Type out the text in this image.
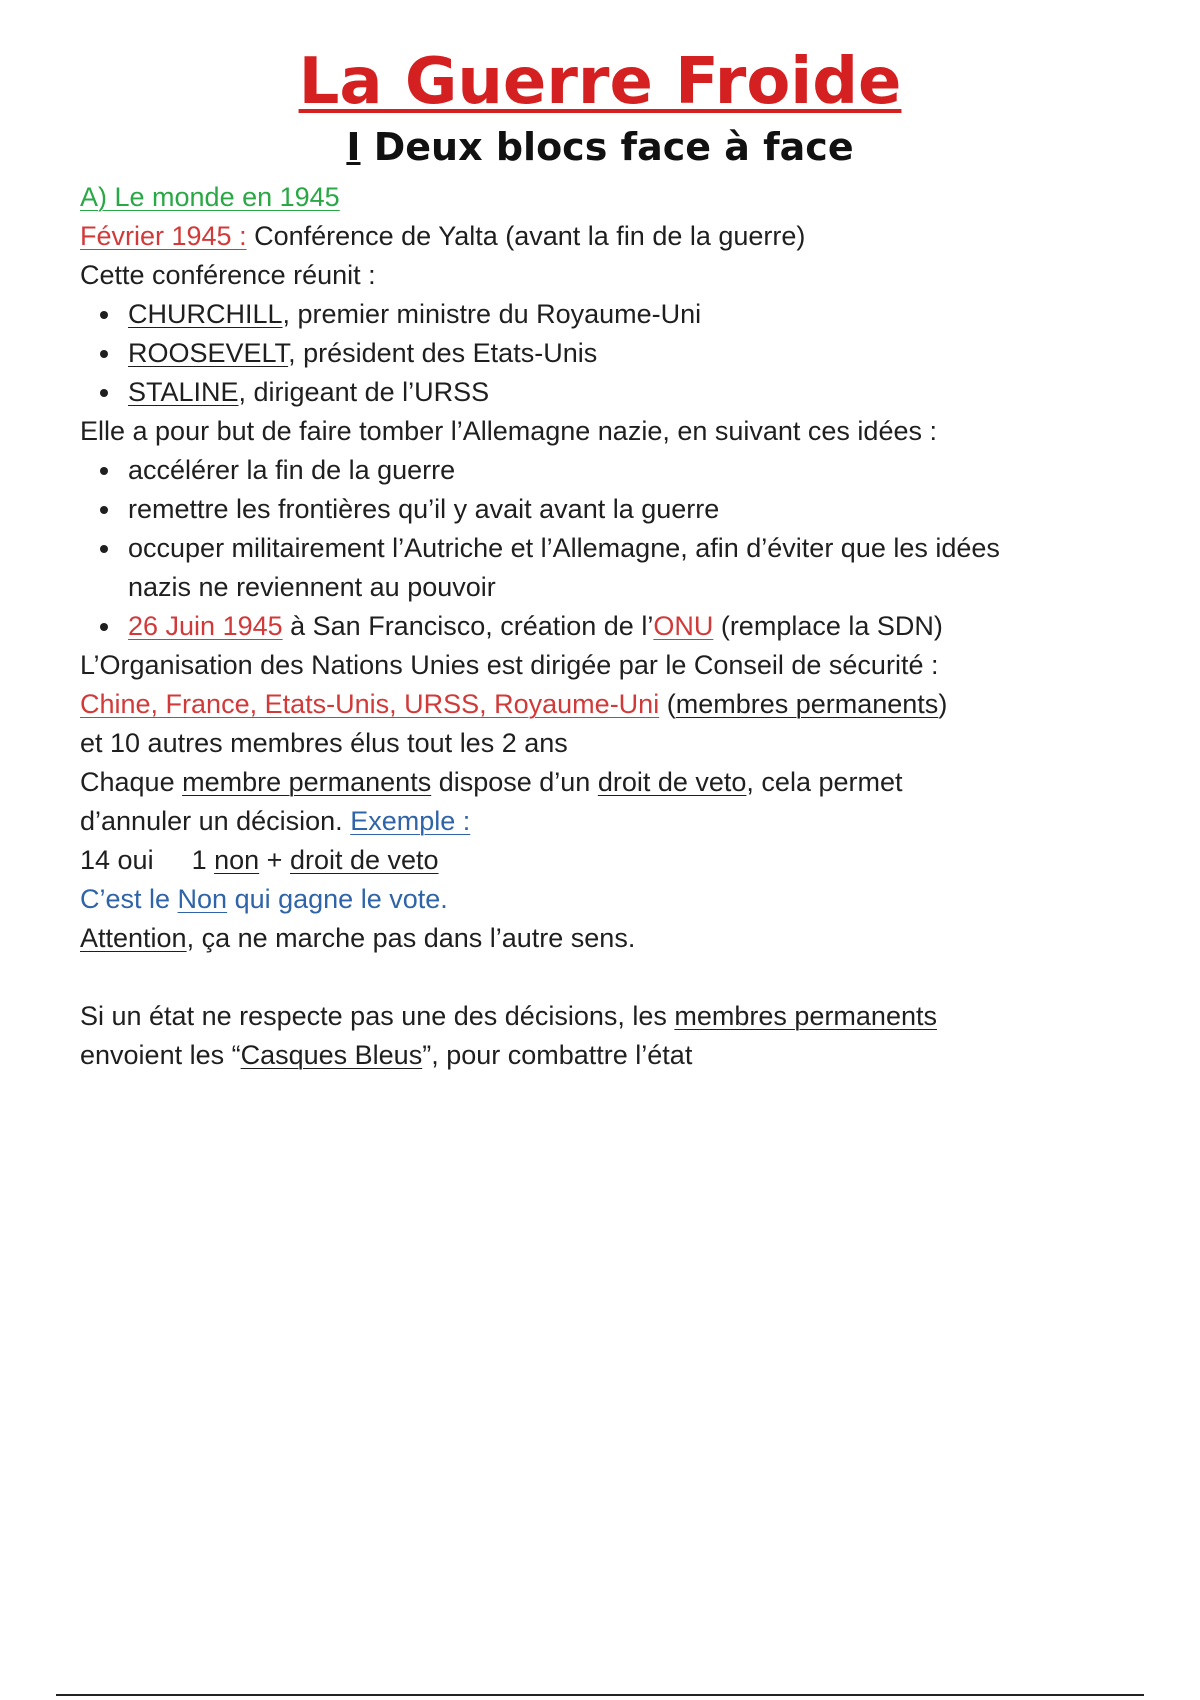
La Guerre Froide
I Deux blocs face à face

A) Le monde en 1945

Février 1945 : Conférence de Yalta (avant la fin de la guerre)

Cette conférence réunit :

CHURCHILL, premier ministre du Royaume-Uni
ROOSEVELT, président des Etats-Unis
STALINE, dirigeant de l’URSS

Elle a pour but de faire tomber l’Allemagne nazie, en suivant ces idées :

accélérer la fin de la guerre
remettre les frontières qu’il y avait avant la guerre
occuper militairement l’Autriche et l’Allemagne, afin d’éviter que les idées
nazis ne reviennent au pouvoir
26 Juin 1945 à San Francisco, création de l’ONU (remplace la SDN)

L’Organisation des Nations Unies est dirigée par le Conseil de sécurité :

Chine, France, Etats-Unis, URSS, Royaume-Uni (membres permanents)

et 10 autres membres élus tout les 2 ans

Chaque membre permanents dispose d’un droit de veto, cela permet

d’annuler un décision. Exemple :

14 oui 1 non + droit de veto

C’est le Non qui gagne le vote.

Attention, ça ne marche pas dans l’autre sens.

Si un état ne respecte pas une des décisions, les membres permanents

envoient les “Casques Bleus”, pour combattre l’état
